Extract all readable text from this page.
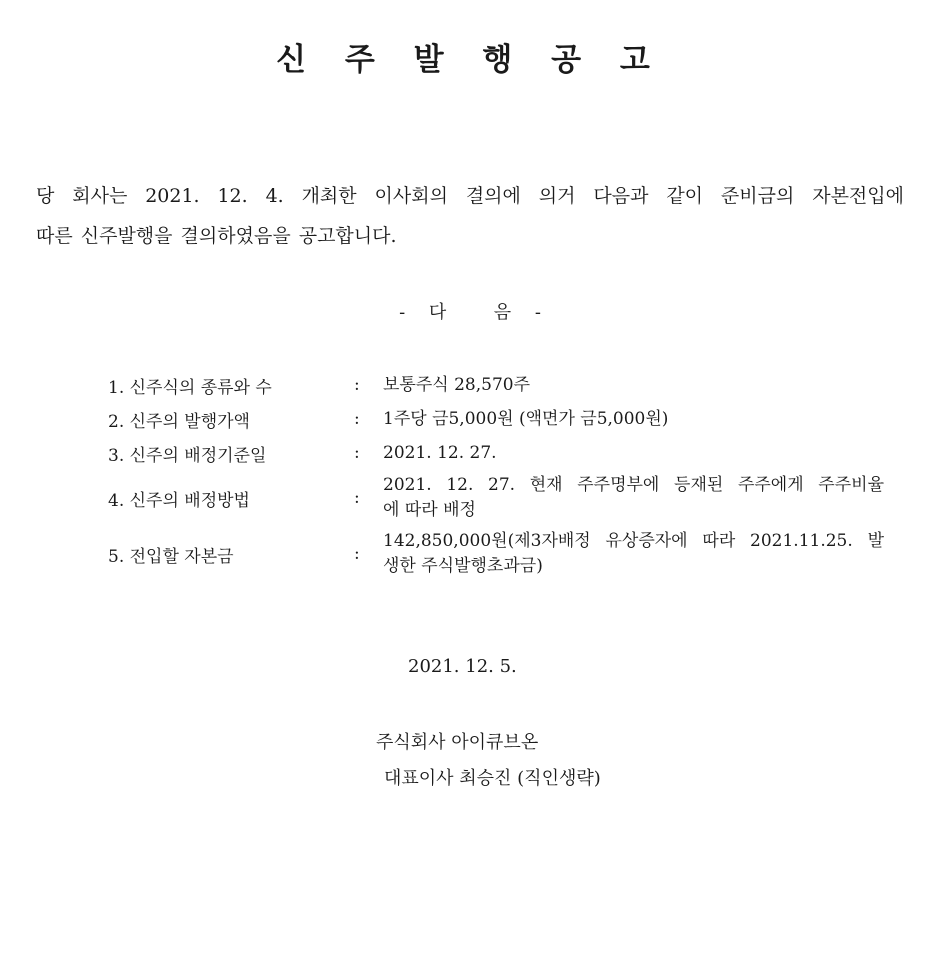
신 주 발 행 공 고

당 회사는 2021. 12. 4. 개최한 이사회의 결의에 의거 다음과 같이 준비금의 자본전입에
따른 신주발행을 결의하였음을 공고합니다.

- 다  음 -
1. 신주식의 종류와 수	:	보통주식 28,570주
2. 신주의 발행가액	:	1주당 금5,000원 (액면가 금5,000원)
3. 신주의 배정기준일	:	2021. 12. 27.
4. 신주의 배정방법	:
2021. 12. 27. 현재 주주명부에 등재된 주주에게 주주비율
에 따라 배정
5. 전입할 자본금	:
142,850,000원(제3자배정 유상증자에 따라 2021.11.25. 발
생한 주식발행초과금)
2021. 12. 5.
주식회사 아이큐브온
대표이사 최승진 (직인생략)
